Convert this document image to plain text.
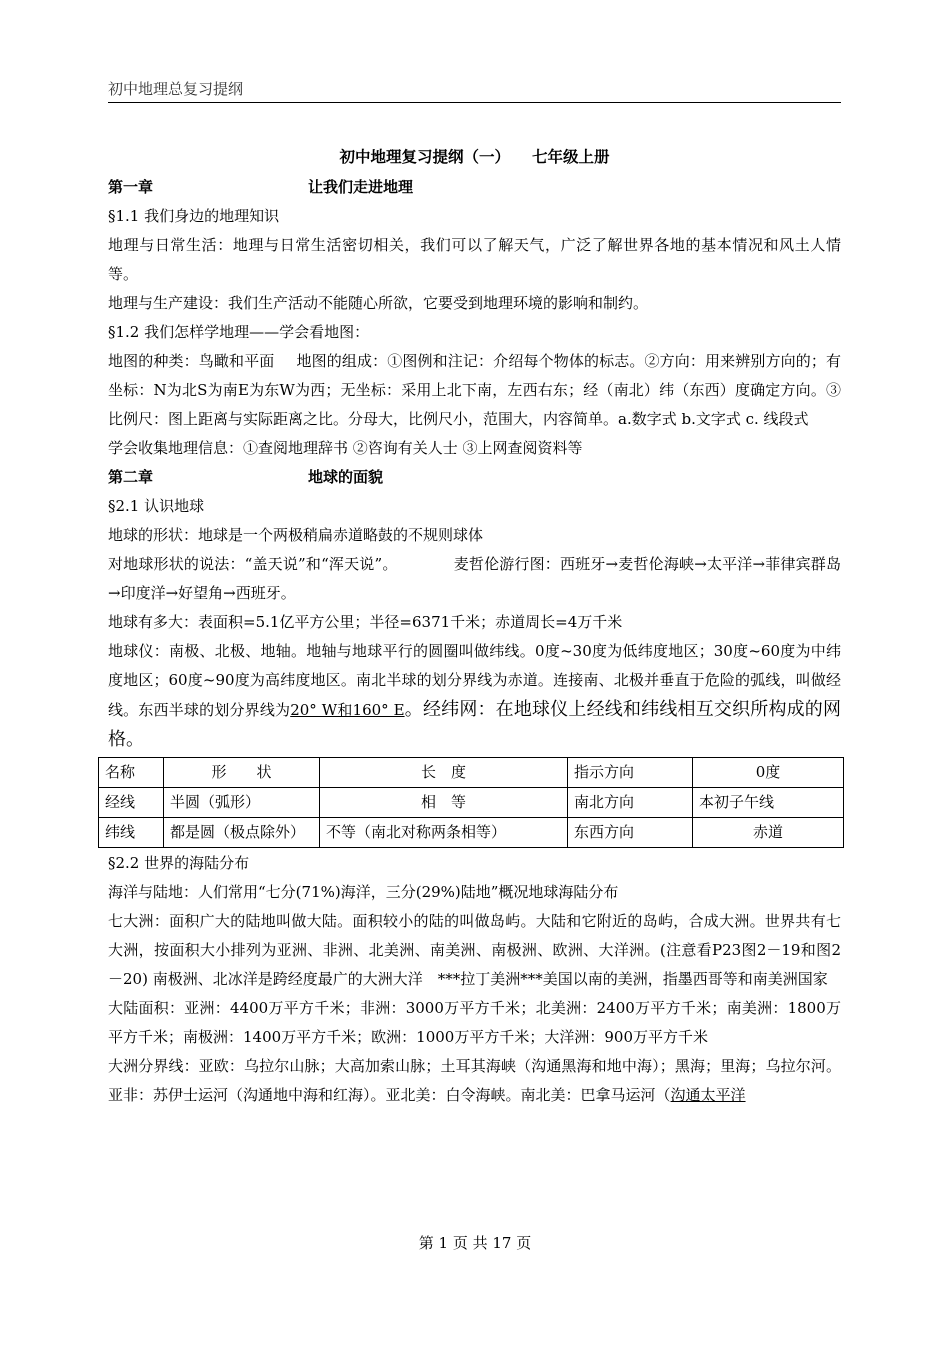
初中地理总复习提纲
初中地理复习提纲（一） 七年级上册
第一章	让我们走进地理

§1.1 我们身边的地理知识

地理与日常生活：地理与日常生活密切相关，我们可以了解天气，广泛了解世界各地的基本情况和风土人情等。

地理与生产建设：我们生产活动不能随心所欲，它要受到地理环境的影响和制约。

§1.2 我们怎样学地理——学会看地图：

地图的种类：鸟瞰和平面 地图的组成：①图例和注记：介绍每个物体的标志。②方向：用来辨别方向的；有坐标：N为北S为南E为东W为西；无坐标：采用上北下南，左西右东；经（南北）纬（东西）度确定方向。③比例尺：图上距离与实际距离之比。分母大，比例尺小，范围大，内容简单。a.数字式 b.文字式 c. 线段式

学会收集地理信息：①查阅地理辞书 ②咨询有关人士 ③上网查阅资料等

第二章	地球的面貌

§2.1 认识地球

地球的形状：地球是一个两极稍扁赤道略鼓的不规则球体

对地球形状的说法：“盖天说”和“浑天说”。	麦哲伦游行图：西班牙→麦哲伦海峡→太平洋→菲律宾群岛→印度洋→好望角→西班牙。

地球有多大：表面积=5.1亿平方公里；半径=6371千米；赤道周长=4万千米

地球仪：南极、北极、地轴。地轴与地球平行的圆圈叫做纬线。0度~30度为低纬度地区；30度~60度为中纬度地区；60度~90度为高纬度地区。南北半球的划分界线为赤道。连接南、北极并垂直于危险的弧线，叫做经线。东西半球的划分界线为20° W和160° E。经纬网：在地球仪上经线和纬线相互交织所构成的网格。

名称	形　　状	长　度	指示方向	0度
经线	半圆（弧形）	相　等	南北方向	本初子午线
纬线	都是圆（极点除外）	不等（南北对称两条相等）	东西方向	赤道

§2.2 世界的海陆分布

海洋与陆地：人们常用“七分(71%)海洋，三分(29%)陆地”概况地球海陆分布

七大洲：面积广大的陆地叫做大陆。面积较小的陆的叫做岛屿。大陆和它附近的岛屿，合成大洲。世界共有七大洲，按面积大小排列为亚洲、非洲、北美洲、南美洲、南极洲、欧洲、大洋洲。(注意看P23图2－19和图2－20) 南极洲、北冰洋是跨经度最广的大洲大洋　***拉丁美洲***美国以南的美洲，指墨西哥等和南美洲国家

大陆面积：亚洲：4400万平方千米；非洲：3000万平方千米；北美洲：2400万平方千米；南美洲：1800万平方千米；南极洲：1400万平方千米；欧洲：1000万平方千米；大洋洲：900万平方千米

大洲分界线：亚欧：乌拉尔山脉；大高加索山脉；土耳其海峡（沟通黑海和地中海）；黑海；里海；乌拉尔河。亚非：苏伊士运河（沟通地中海和红海）。亚北美：白令海峡。南北美：巴拿马运河（沟通太平洋

第 1 页 共 17 页
